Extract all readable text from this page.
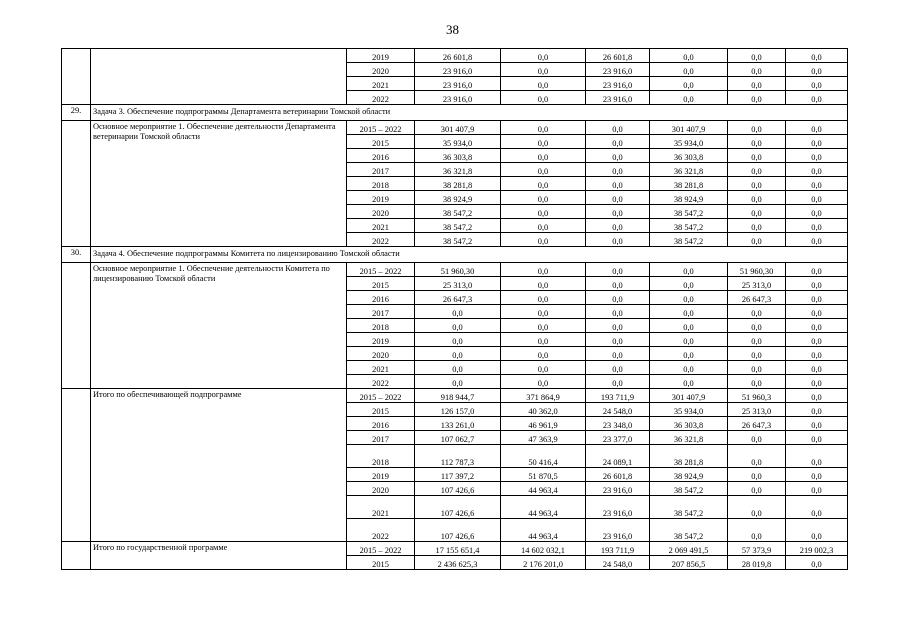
38
		2019	26 601,8	0,0	26 601,8	0,0	0,0	0,0
		2020	23 916,0	0,0	23 916,0	0,0	0,0	0,0
		2021	23 916,0	0,0	23 916,0	0,0	0,0	0,0
		2022	23 916,0	0,0	23 916,0	0,0	0,0	0,0
29.	Задача 3. Обеспечение подпрограммы Департамента ветеринарии Томской области							
	Основное мероприятие 1. Обеспечение деятельности Департамента ветеринарии Томской области	2015 – 2022	301 407,9	0,0	0,0	301 407,9	0,0	0,0
		2015	35 934,0	0,0	0,0	35 934,0	0,0	0,0
		2016	36 303,8	0,0	0,0	36 303,8	0,0	0,0
		2017	36 321,8	0,0	0,0	36 321,8	0,0	0,0
		2018	38 281,8	0,0	0,0	38 281,8	0,0	0,0
		2019	38 924,9	0,0	0,0	38 924,9	0,0	0,0
		2020	38 547,2	0,0	0,0	38 547,2	0,0	0,0
		2021	38 547,2	0,0	0,0	38 547,2	0,0	0,0
		2022	38 547,2	0,0	0,0	38 547,2	0,0	0,0
30.	Задача 4. Обеспечение подпрограммы Комитета по лицензированию Томской области							
	Основное мероприятие 1. Обеспечение деятельности Комитета по лицензированию Томской области	2015 – 2022	51 960,30	0,0	0,0	0,0	51 960,30	0,0
		2015	25 313,0	0,0	0,0	0,0	25 313,0	0,0
		2016	26 647,3	0,0	0,0	0,0	26 647,3	0,0
		2017	0,0	0,0	0,0	0,0	0,0	0,0
		2018	0,0	0,0	0,0	0,0	0,0	0,0
		2019	0,0	0,0	0,0	0,0	0,0	0,0
		2020	0,0	0,0	0,0	0,0	0,0	0,0
		2021	0,0	0,0	0,0	0,0	0,0	0,0
		2022	0,0	0,0	0,0	0,0	0,0	0,0
	Итого по обеспечивающей подпрограмме	2015 – 2022	918 944,7	371 864,9	193 711,9	301 407,9	51 960,3	0,0
		2015	126 157,0	40 362,0	24 548,0	35 934,0	25 313,0	0,0
		2016	133 261,0	46 961,9	23 348,0	36 303,8	26 647,3	0,0
		2017	107 062,7	47 363,9	23 377,0	36 321,8	0,0	0,0
		2018	112 787,3	50 416,4	24 089,1	38 281,8	0,0	0,0
		2019	117 397,2	51 870,5	26 601,8	38 924,9	0,0	0,0
		2020	107 426,6	44 963,4	23 916,0	38 547,2	0,0	0,0
		2021	107 426,6	44 963,4	23 916,0	38 547,2	0,0	0,0
		2022	107 426,6	44 963,4	23 916,0	38 547,2	0,0	0,0
	Итого по государственной программе	2015 – 2022	17 155 651,4	14 602 032,1	193 711,9	2 069 491,5	57 373,9	219 002,3
		2015	2 436 625,3	2 176 201,0	24 548,0	207 856,5	28 019,8	0,0
